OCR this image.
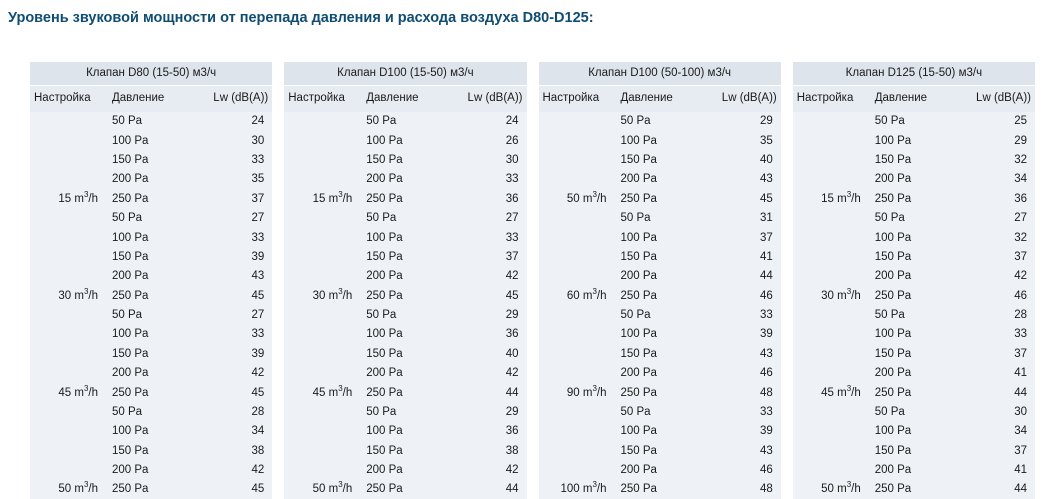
Уровень звуковой мощности от перепада давления и расхода воздуха D80-D125:
Клапан D80 (15-50) м3/ч		
Настройка	Давление	Lw (dB(A))
	50 Pa	24
	100 Pa	30
	150 Pa	33
	200 Pa	35
15 $m^3/h$	250 Pa	37
	50 Pa	27
	100 Pa	33
	150 Pa	39
	200 Pa	43
30 $m^3/h$	250 Pa	45
	50 Pa	27
	100 Pa	33
	150 Pa	39
	200 Pa	42
45 $m^3/h$	250 Pa	45
	50 Pa	28
	100 Pa	34
	150 Pa	38
	200 Pa	42
50 $m^3/h$	250 Pa	45
Клапан D100 (15-50) м3/ч		
Настройка	Давление	Lw (dB(A))
	50 Pa	24
	100 Pa	26
	150 Pa	30
	200 Pa	33
15 $m^3/h$	250 Pa	36
	50 Pa	27
	100 Pa	33
	150 Pa	37
	200 Pa	42
30 $m^3/h$	250 Pa	45
	50 Pa	29
	100 Pa	36
	150 Pa	40
	200 Pa	42
45 $m^3/h$	250 Pa	44
	50 Pa	29
	100 Pa	36
	150 Pa	38
	200 Pa	42
50 $m^3/h$	250 Pa	44
Клапан D100 (50-100) м3/ч		
Настройка	Давление	Lw (dB(A))
	50 Pa	29
	100 Pa	35
	150 Pa	40
	200 Pa	43
50 $m^3/h$	250 Pa	45
	50 Pa	31
	100 Pa	37
	150 Pa	41
	200 Pa	44
60 $m^3/h$	250 Pa	46
	50 Pa	33
	100 Pa	39
	150 Pa	43
	200 Pa	46
90 $m^3/h$	250 Pa	48
	50 Pa	33
	100 Pa	39
	150 Pa	43
	200 Pa	46
100 $m^3/h$	250 Pa	48
Клапан D125 (15-50) м3/ч		
Настройка	Давление	Lw (dB(A))
	50 Pa	25
	100 Pa	29
	150 Pa	32
	200 Pa	34
15 $m^3/h$	250 Pa	36
	50 Pa	27
	100 Pa	32
	150 Pa	37
	200 Pa	42
30 $m^3/h$	250 Pa	46
	50 Pa	28
	100 Pa	33
	150 Pa	37
	200 Pa	41
45 $m^3/h$	250 Pa	44
	50 Pa	30
	100 Pa	34
	150 Pa	37
	200 Pa	41
50 $m^3/h$	250 Pa	44
